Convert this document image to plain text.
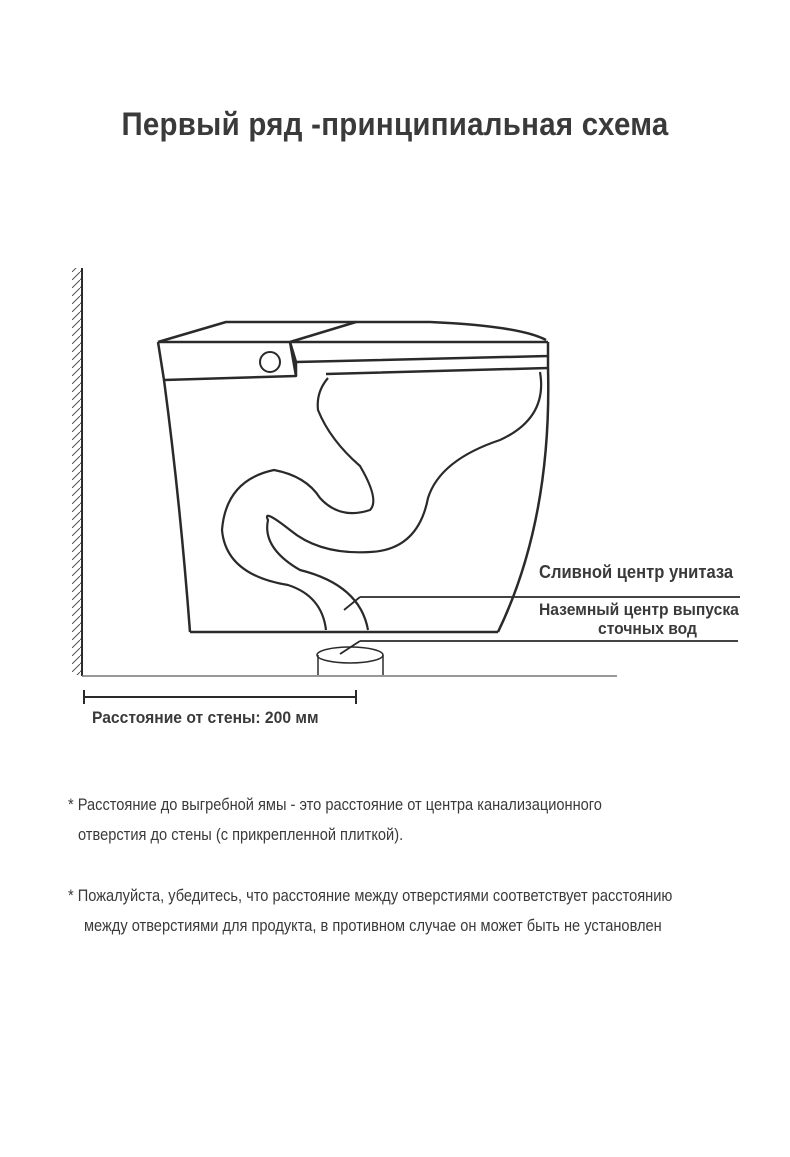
Первый ряд -принципиальная схема
Сливной центр унитаза
Наземный центр выпуска
сточных вод
Расстояние от стены: 200 мм
* Расстояние до выгребной ямы - это расстояние от центра канализационного
отверстия до стены (с прикрепленной плиткой).
* Пожалуйста, убедитесь, что расстояние между отверстиями соответствует расстоянию
между отверстиями для продукта, в противном случае он может быть не установлен
